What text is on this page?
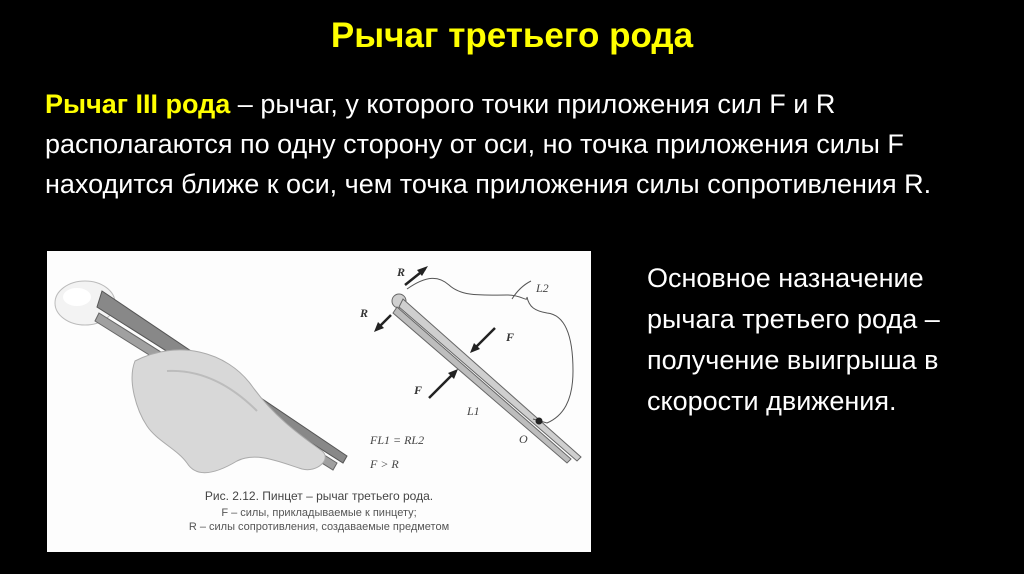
Рычаг третьего рода

Рычаг III рода – рычаг, у которого точки приложения сил F и R располагаются по одну сторону от оси, но точка приложения силы F находится ближе к оси, чем точка приложения силы сопротивления R.

R
R
L2
F
F
L1
O
FL1 = RL2
F > R
Рис. 2.12. Пинцет – рычаг третьего рода.
F – силы, прикладываемые к пинцету;
R – силы сопротивления, создаваемые предметом

Основное назначение рычага третьего рода – получение выигрыша в скорости движения.
